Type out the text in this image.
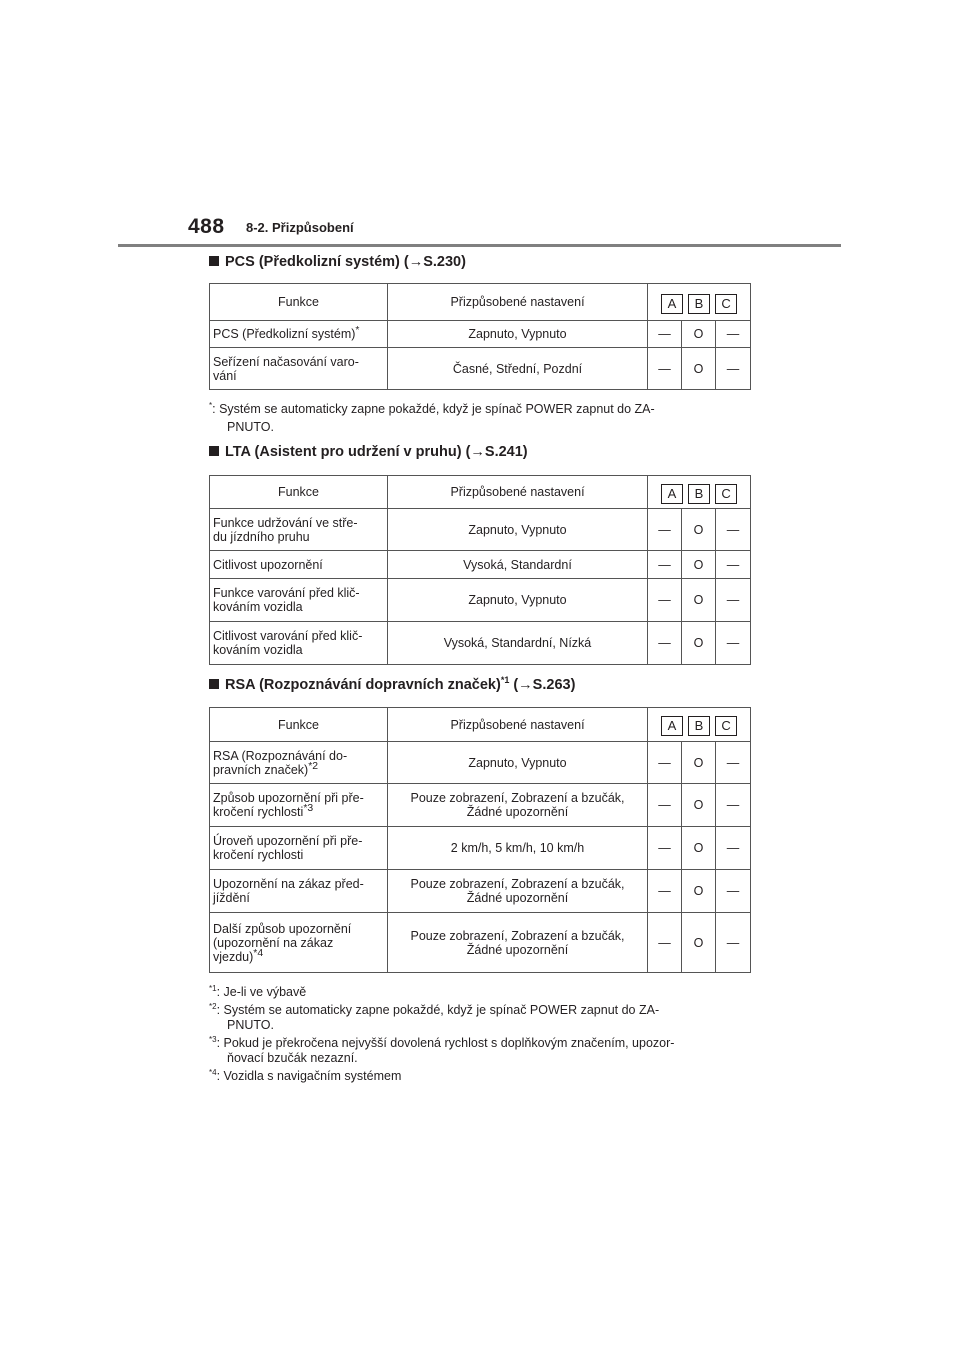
488 8-2. Přizpůsobení
PCS (Předkolizní systém) (→S.230)
Funkce	Přizpůsobené nastavení	A B C		

PCS (Předkolizní systém)*	Zapnuto, Vypnuto	—	O	—
Seřízení načasování varo-
vání	Časné, Střední, Pozdní	—	O	—
*: Systém se automaticky zapne pokaždé, když je spínač POWER zapnut do ZA-
PNUTO.
LTA (Asistent pro udržení v pruhu) (→S.241)
Funkce	Přizpůsobené nastavení	A B C		

Funkce udržování ve stře-
du jízdního pruhu	Zapnuto, Vypnuto	—	O	—
Citlivost upozornění	Vysoká, Standardní	—	O	—
Funkce varování před klič-
kováním vozidla	Zapnuto, Vypnuto	—	O	—
Citlivost varování před klič-
kováním vozidla	Vysoká, Standardní, Nízká	—	O	—
RSA (Rozpoznávání dopravních značek)$^{*1}$ (→S.263)
Funkce	Přizpůsobené nastavení	A B C		

RSA (Rozpoznávání do-
pravních značek)$^{*2}$	Zapnuto, Vypnuto	—	O	—
Způsob upozornění při pře-
kročení rychlosti$^{*3}$	Pouze zobrazení, Zobrazení a bzučák,
Žádné upozornění	—	O	—
Úroveň upozornění při pře-
kročení rychlosti	2 km/h, 5 km/h, 10 km/h	—	O	—
Upozornění na zákaz před-
jíždění	Pouze zobrazení, Zobrazení a bzučák,
Žádné upozornění	—	O	—
Další způsob upozornění
(upozornění na zákaz
vjezdu)$^{*4}$	Pouze zobrazení, Zobrazení a bzučák,
Žádné upozornění	—	O	—
$^{*1}$: Je-li ve výbavě
$^{*2}$: Systém se automaticky zapne pokaždé, když je spínač POWER zapnut do ZA-
PNUTO.
$^{*3}$: Pokud je překročena nejvyšší dovolená rychlost s doplňkovým značením, upozor-
ňovací bzučák nezazní.
$^{*4}$: Vozidla s navigačním systémem
